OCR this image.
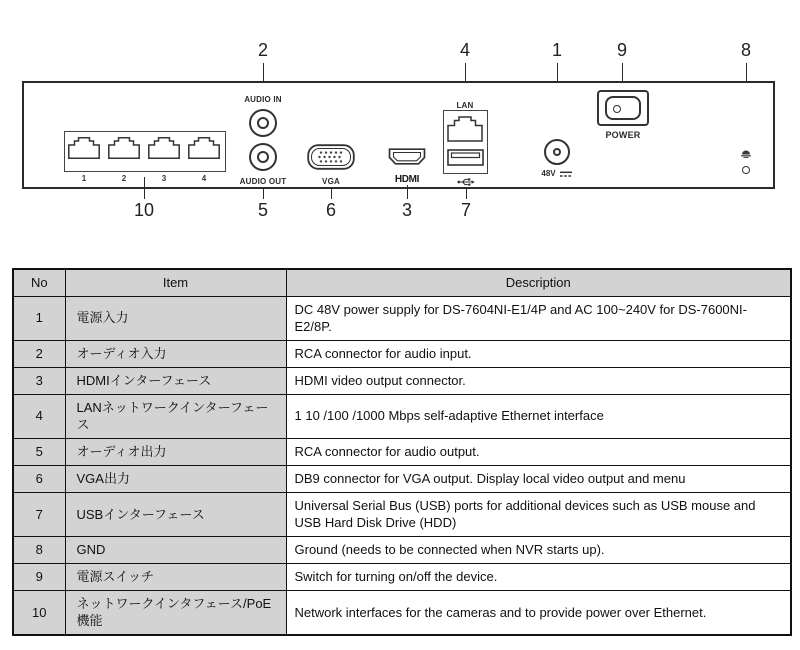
2	4	1	9	8
1	2	3	4
AUDIO IN
AUDIO OUT	VGA	HDMI
LAN
48V
POWER
10	5	6	3	7
No	Item	Description
1	電源入力	DC 48V power supply for DS-7604NI-E1/4P and AC 100~240V for DS-7600NI-E2/8P.
2	オーディオ入力	RCA connector for audio input.
3	HDMIインターフェース	HDMI video output connector.
4	LANネットワークインターフェース	1 10 /100 /1000 Mbps self-adaptive Ethernet interface
5	オーディオ出力	RCA connector for audio output.
6	VGA出力	DB9 connector for VGA output. Display local video output and menu
7	USBインターフェース	Universal Serial Bus (USB) ports for additional devices such as USB mouse and USB Hard Disk Drive (HDD)
8	GND	Ground (needs to be connected when NVR starts up).
9	電源スイッチ	Switch for turning on/off the device.
10	ネットワークインタフェース/PoE機能	Network interfaces for the cameras and to provide power over Ethernet.
